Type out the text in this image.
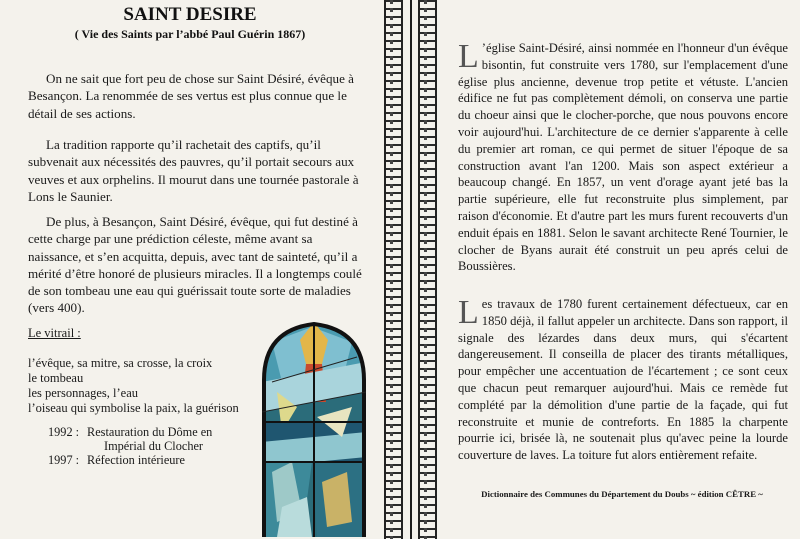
SAINT DESIRE
( Vie des Saints par l’abbé Paul Guérin 1867)
On ne sait que fort peu de chose sur Saint Désiré, évêque à Besançon. La renommée de ses vertus est plus connue que le détail de ses actions.
La tradition rapporte qu’il rachetait des captifs, qu’il subvenait aux nécessités des pauvres, qu’il portait secours aux veuves et aux orphelins. Il mourut dans une tournée pastorale à Lons le Saunier.
De plus, à Besançon, Saint Désiré, évêque, qui fut destiné à cette charge par une prédiction céleste, même avant sa naissance, et s’en acquitta, depuis, avec tant de sainteté, qu’il a mérité d’être honoré de plusieurs miracles. Il a longtemps coulé de son tombeau une eau qui guérissait toute sorte de maladies (vers 400).
Le vitrail :
l’évêque, sa mitre, sa crosse, la croix
le tombeau
les personnages, l’eau
l’oiseau qui symbolise la paix, la guérison
1992 : Restauration du Dôme en
Impérial du Clocher
1997 : Réfection intérieure
L ’église Saint-Désiré, ainsi nommée en l'honneur d'un évêque bisontin, fut construite vers 1780, sur l'emplacement d'une église plus ancienne, devenue trop petite et vétuste. L'ancien édifice ne fut pas complètement démoli, on conserva une partie du choeur ainsi que le clocher-porche, que nous pouvons encore voir aujourd'hui. L'architecture de ce dernier s'apparente à celle du premier art roman, ce qui permet de situer l'époque de sa construction avant l'an 1200. Mais son aspect extérieur a beaucoup changé. En 1857, un vent d'orage ayant jeté bas la partie supérieure, elle fut reconstruite plus simplement, par raison d'économie. Et d'autre part les murs furent recouverts d'un enduit épais en 1881. Selon le savant architecte René Tournier, le clocher de Byans aurait été construit un peu aprés celui de Boussières.
Les travaux de 1780 furent certainement défectueux, car en 1850 déjà, il fallut appeler un architecte. Dans son rapport, il signale des lézardes dans deux murs, qui s'écartent dangereusement. Il conseilla de placer des tirants métalliques, pour empêcher une accentuation de l'écartement ; ce sont ceux que chacun peut remarquer aujourd'hui. Mais ce remède fut complété par la démolition d'une partie de la façade, qui fut reconstruite et munie de contreforts. En 1885 la charpente pourrie ici, brisée là, ne soutenait plus qu'avec peine la lourde couverture de laves. La toiture fut alors entièrement refaite.
Dictionnaire des Communes du Département du Doubs ~ édition CÊTRE ~
